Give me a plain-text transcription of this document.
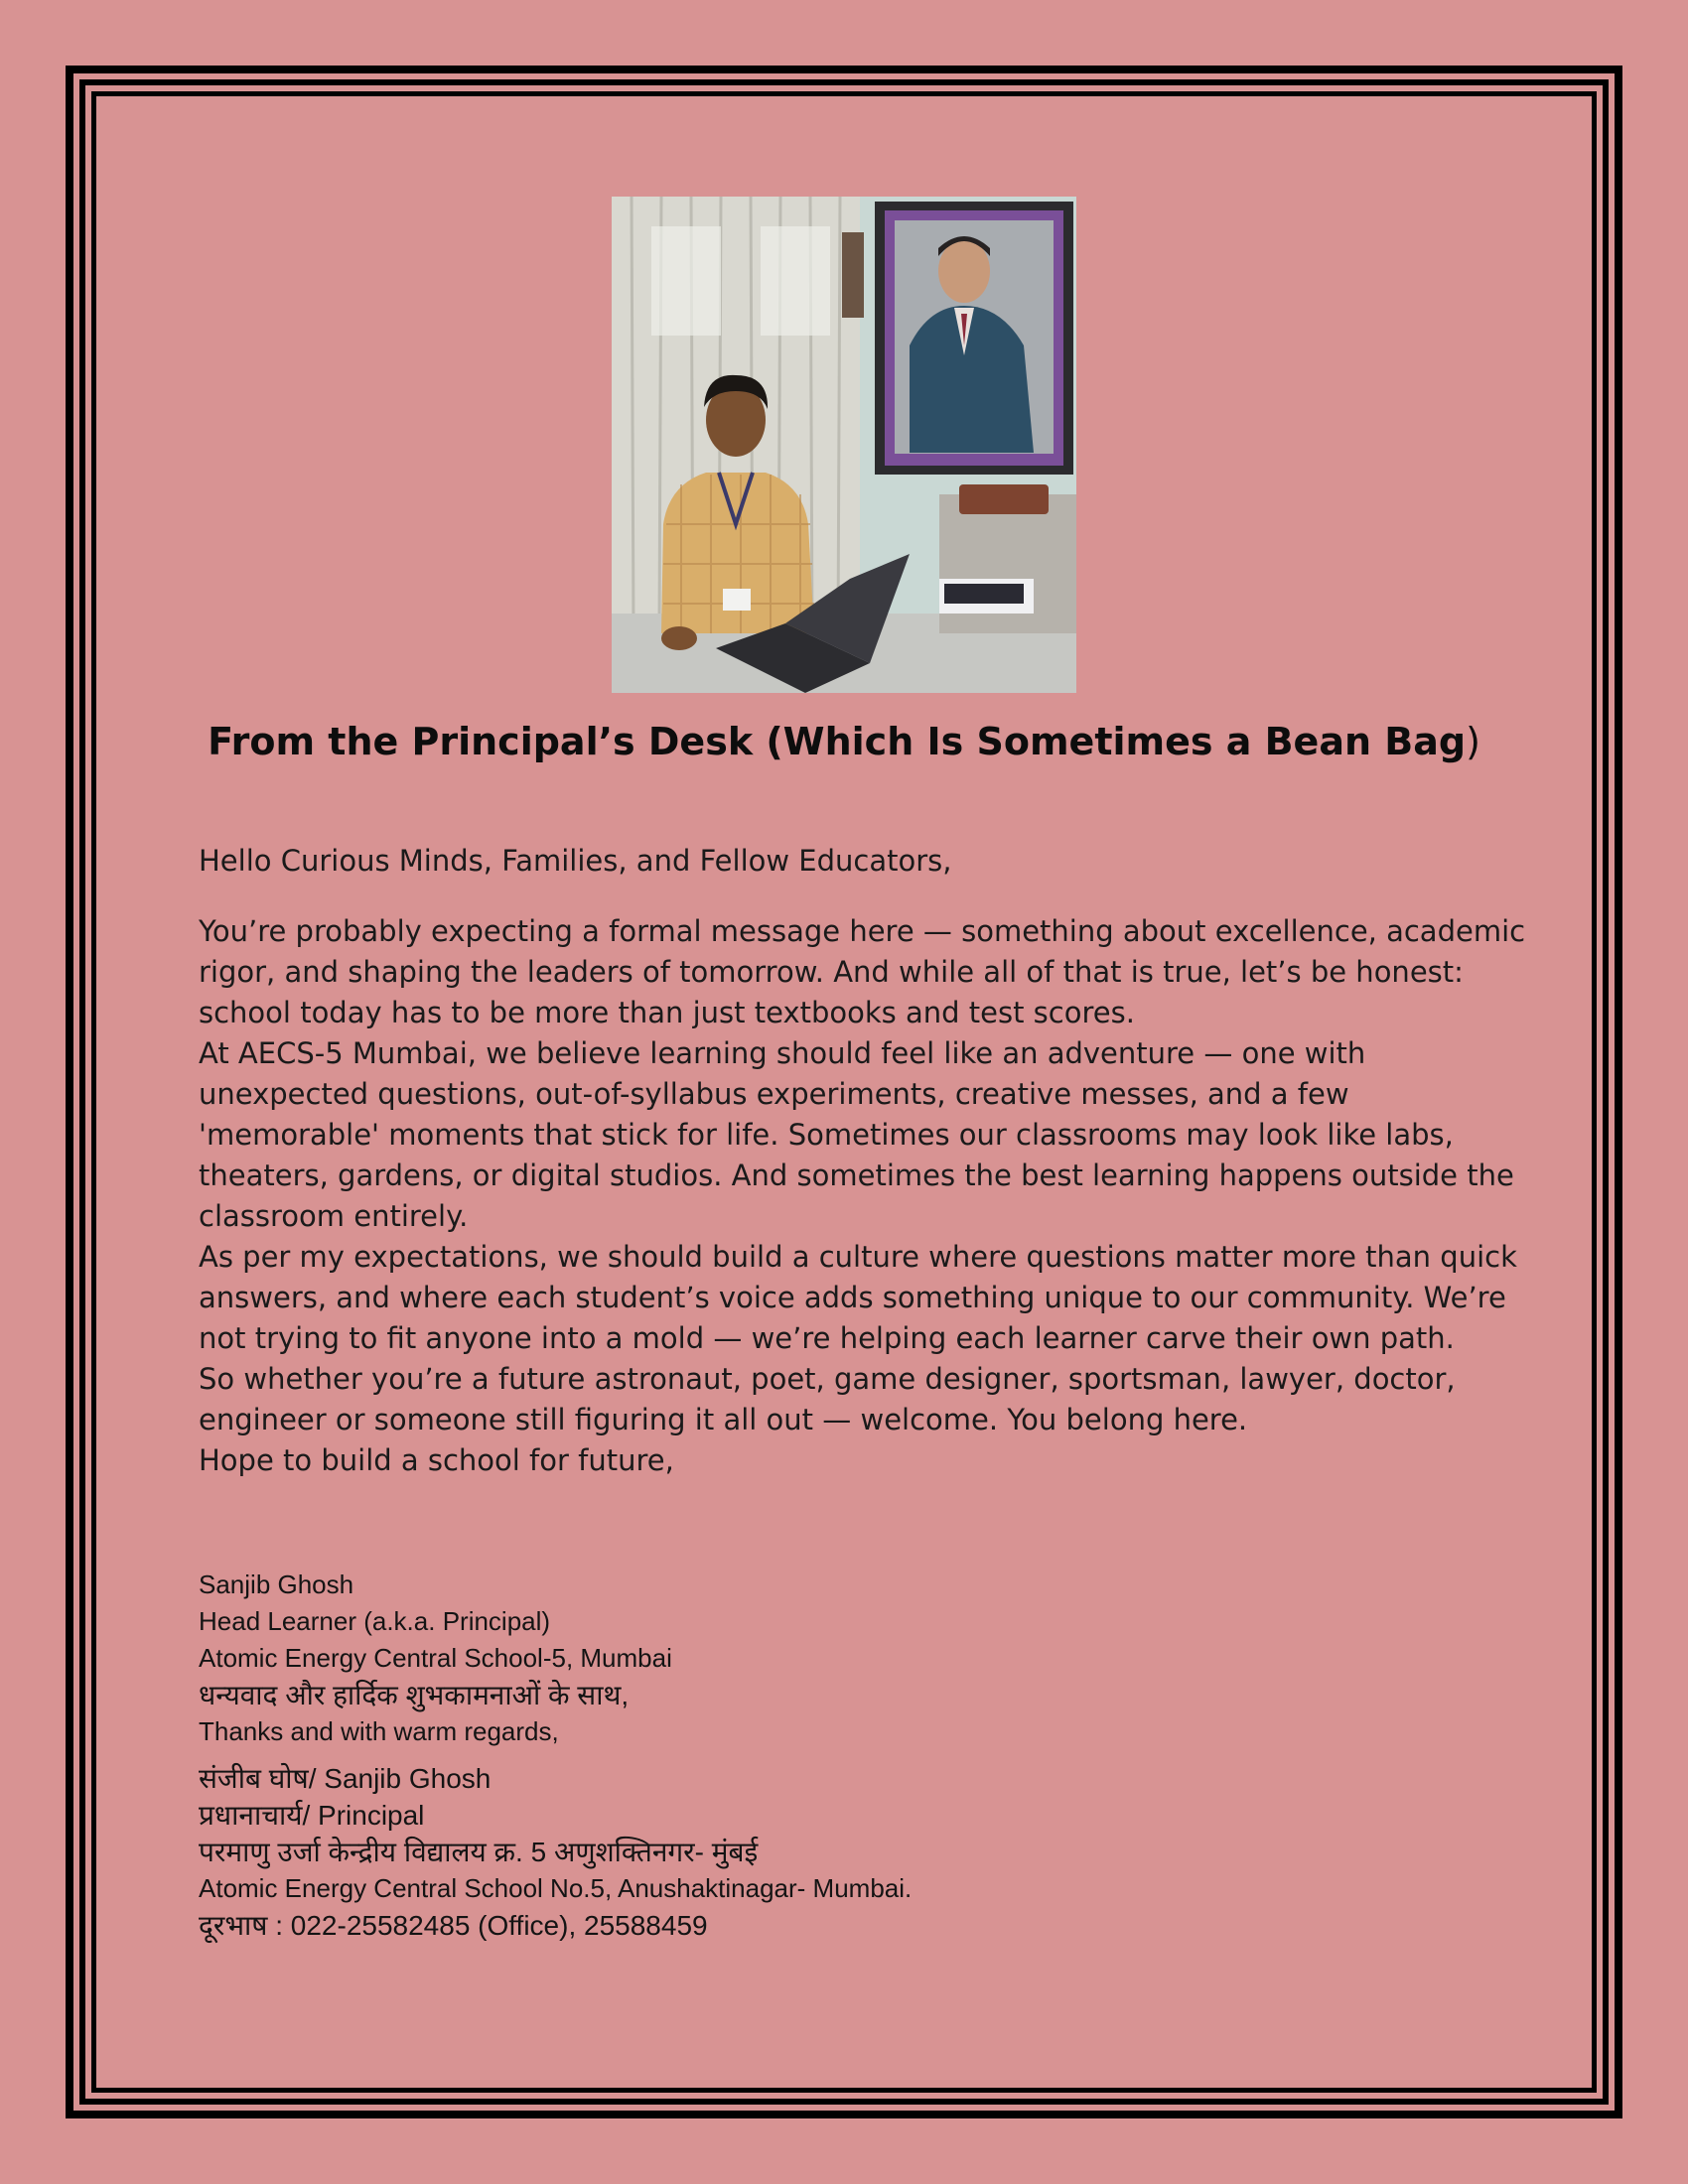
From the Principal’s Desk (Which Is Sometimes a Bean Bag)
Hello Curious Minds, Families, and Fellow Educators,

You’re probably expecting a formal message here — something about excellence, academic rigor, and shaping the leaders of tomorrow. And while all of that is true, let’s be honest: school today has to be more than just textbooks and test scores.

At AECS-5 Mumbai, we believe learning should feel like an adventure — one with unexpected questions, out-of-syllabus experiments, creative messes, and a few 'memorable' moments that stick for life. Sometimes our classrooms may look like labs, theaters, gardens, or digital studios. And sometimes the best learning happens outside the classroom entirely.

As per my expectations, we should build a culture where questions matter more than quick answers, and where each student’s voice adds something unique to our community. We’re not trying to fit anyone into a mold — we’re helping each learner carve their own path.

So whether you’re a future astronaut, poet, game designer, sportsman, lawyer, doctor, engineer or someone still figuring it all out — welcome. You belong here.

Hope to build a school for future,

Sanjib Ghosh
Head Learner (a.k.a. Principal)
Atomic Energy Central School-5, Mumbai
धन्यवाद और हार्दिक शुभकामनाओं के साथ,
Thanks and with warm regards,
संजीब घोष/ Sanjib Ghosh
प्रधानाचार्य/ Principal
परमाणु उर्जा केन्द्रीय विद्यालय क्र. 5 अणुशक्तिनगर- मुंबई
Atomic Energy Central School No.5, Anushaktinagar- Mumbai.
दूरभाष : 022-25582485 (Office), 25588459
